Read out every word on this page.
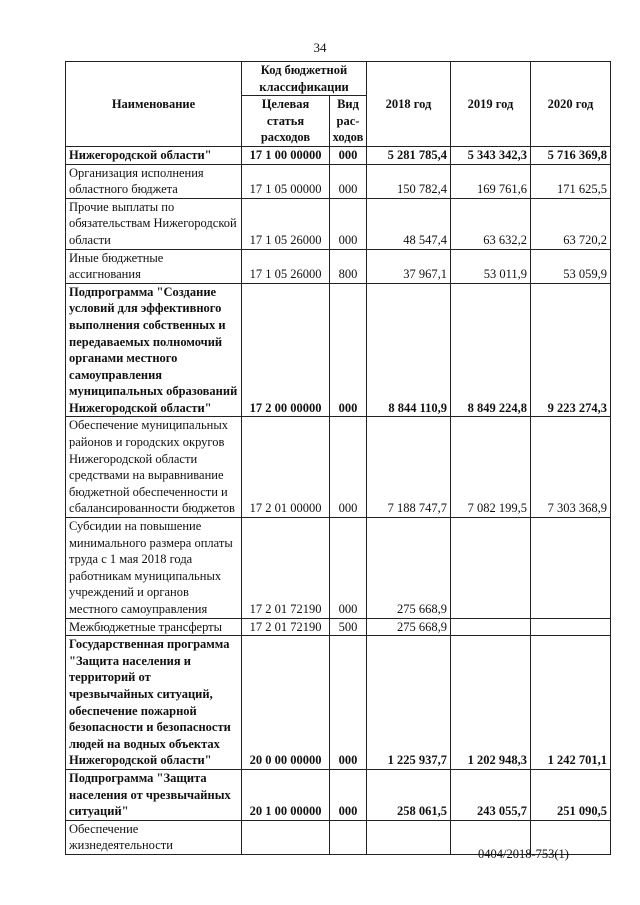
34
Наименование	Код бюджетной классификации		2018 год	2019 год	2020 год
	Целевая статья расходов	Вид рас-ходов			
Нижегородской области"	17 1 00 00000	000	5 281 785,4	5 343 342,3	5 716 369,8
Организация исполнения областного бюджета	17 1 05 00000	000	150 782,4	169 761,6	171 625,5
Прочие выплаты по обязательствам Нижегородской области	17 1 05 26000	000	48 547,4	63 632,2	63 720,2
Иные бюджетные ассигнования	17 1 05 26000	800	37 967,1	53 011,9	53 059,9
Подпрограмма "Создание условий для эффективного выполнения собственных и передаваемых полномочий органами местного самоуправления муниципальных образований Нижегородской области"	17 2 00 00000	000	8 844 110,9	8 849 224,8	9 223 274,3
Обеспечение муниципальных районов и городских округов Нижегородской области средствами на выравнивание бюджетной обеспеченности и сбалансированности бюджетов	17 2 01 00000	000	7 188 747,7	7 082 199,5	7 303 368,9
Субсидии на повышение минимального размера оплаты труда с 1 мая 2018 года работникам муниципальных учреждений и органов местного самоуправления	17 2 01 72190	000	275 668,9		
Межбюджетные трансферты	17 2 01 72190	500	275 668,9		
Государственная программа "Защита населения и территорий от чрезвычайных ситуаций, обеспечение пожарной безопасности и безопасности людей на водных объектах Нижегородской области"	20 0 00 00000	000	1 225 937,7	1 202 948,3	1 242 701,1
Подпрограмма "Защита населения от чрезвычайных ситуаций"	20 1 00 00000	000	258 061,5	243 055,7	251 090,5
Обеспечение жизнедеятельности					
0404/2018-753(1)
